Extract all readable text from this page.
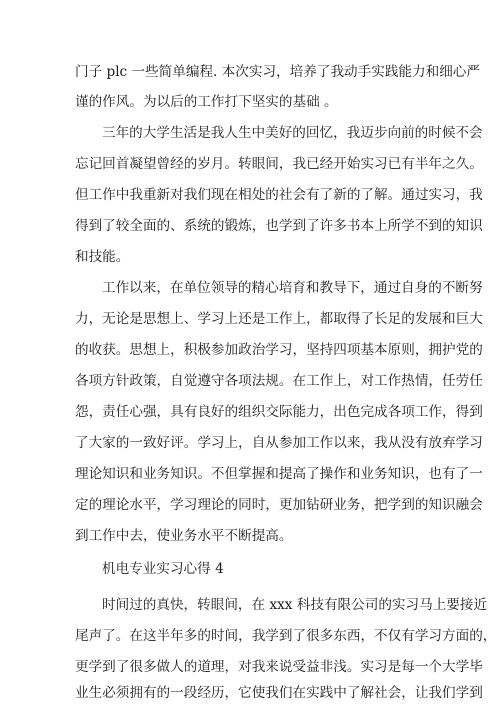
门子 plc 一些简单编程. 本次实习，培养了我动手实践能力和细心严
谨的作风。为以后的工作打下坚实的基础 。
三年的大学生活是我人生中美好的回忆，我迈步向前的时候不会
忘记回首凝望曾经的岁月。转眼间，我已经开始实习已有半年之久。
但工作中我重新对我们现在相处的社会有了新的了解。通过实习，我
得到了较全面的、系统的锻炼，也学到了许多书本上所学不到的知识
和技能。
工作以来，在单位领导的精心培育和教导下，通过自身的不断努
力，无论是思想上、学习上还是工作上，都取得了长足的发展和巨大
的收获。思想上，积极参加政治学习，坚持四项基本原则，拥护党的
各项方针政策，自觉遵守各项法规。在工作上，对工作热情，任劳任
怨，责任心强，具有良好的组织交际能力，出色完成各项工作，得到
了大家的一致好评。学习上，自从参加工作以来，我从没有放弃学习
理论知识和业务知识。不但掌握和提高了操作和业务知识，也有了一
定的理论水平，学习理论的同时，更加钻研业务，把学到的知识融会
到工作中去，使业务水平不断提高。
机电专业实习心得 4
时间过的真快，转眼间，在 xxx 科技有限公司的实习马上要接近
尾声了。在这半年多的时间，我学到了很多东西，不仅有学习方面的，
更学到了很多做人的道理，对我来说受益非浅。实习是每一个大学毕
业生必须拥有的一段经历，它使我们在实践中了解社会，让我们学到
